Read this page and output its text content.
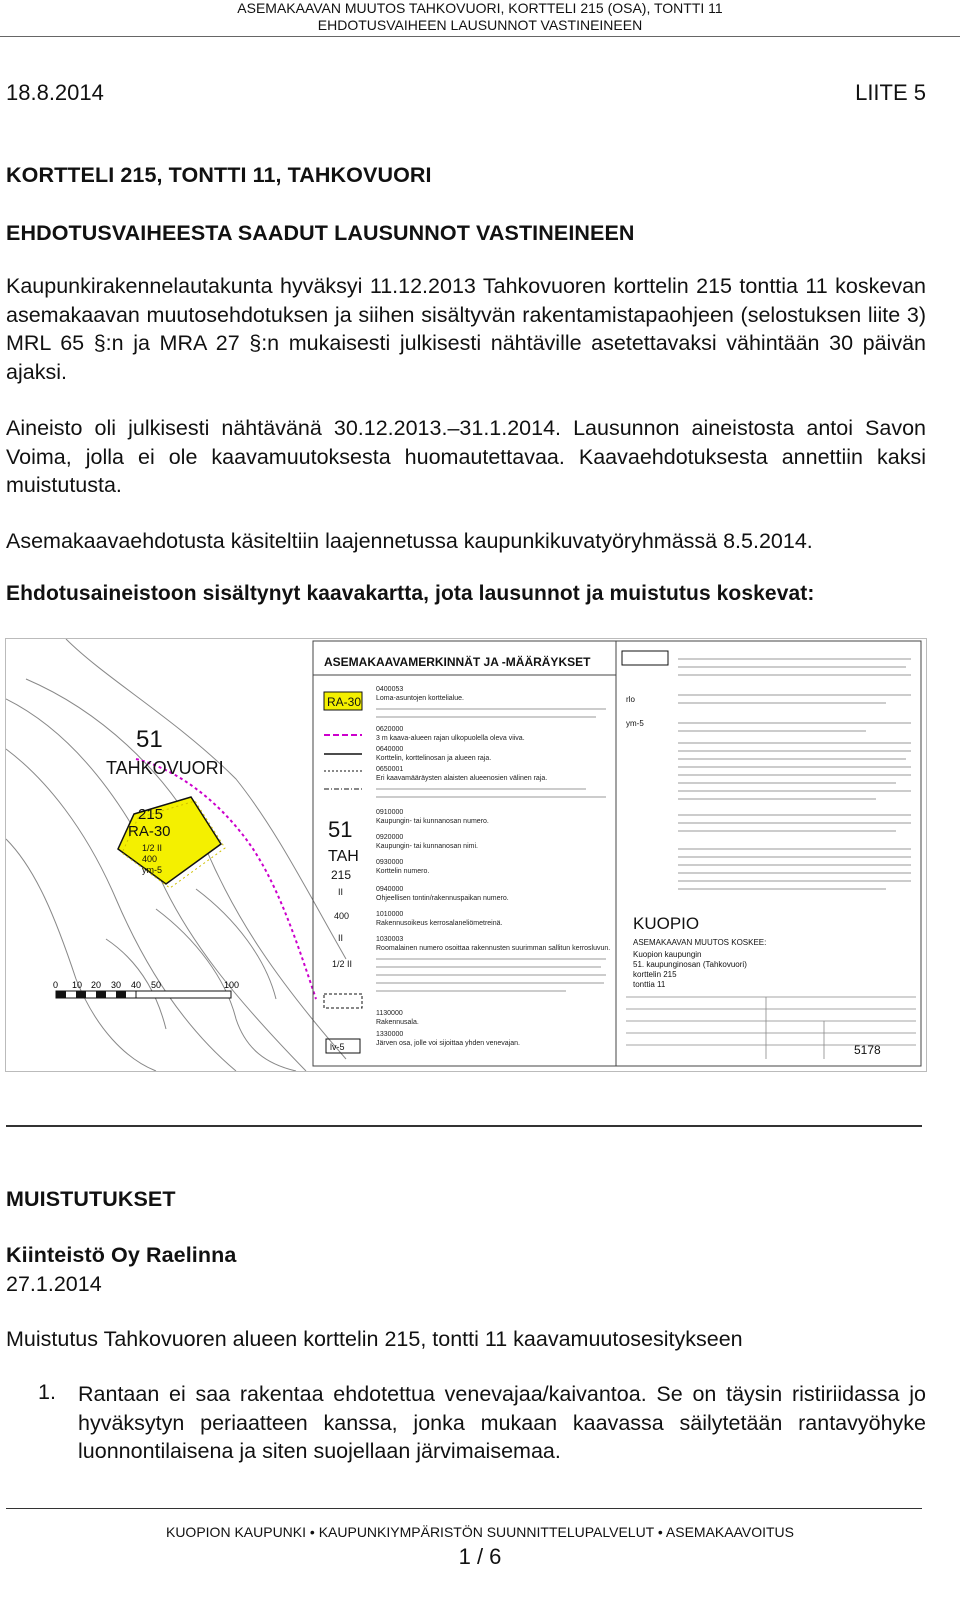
ASEMAKAAVAN MUUTOS TAHKOVUORI, KORTTELI 215 (OSA), TONTTI 11
EHDOTUSVAIHEEN LAUSUNNOT VASTINEINEEN
18.8.2014	LIITE 5
KORTTELI 215, TONTTI 11, TAHKOVUORI
EHDOTUSVAIHEESTA SAADUT LAUSUNNOT VASTINEINEEN

Kaupunkirakennelautakunta hyväksyi 11.12.2013 Tahkovuoren korttelin 215 tonttia 11 koskevan asemakaavan muutosehdotuksen ja siihen sisältyvän rakentamistapaohjeen (selostuksen liite 3) MRL 65 §:n ja MRA 27 §:n mukaisesti julkisesti nähtäville asetettavaksi vähintään 30 päivän ajaksi.

Aineisto oli julkisesti nähtävänä 30.12.2013.–31.1.2014. Lausunnon aineistosta antoi Savon Voima, jolla ei ole kaavamuutoksesta huomautettavaa. Kaavaehdotuksesta annettiin kaksi muistutusta.

Asemakaavaehdotusta käsiteltiin laajennetussa kaupunkikuvatyöryhmässä 8.5.2014.

Ehdotusaineistoon sisältynyt kaavakartta, jota lausunnot ja muistutus koskevat:
51
TAHKOVUORI
215
RA-30
1/2 II
400
ym-5
0 10 20 30 40 50	100
ASEMAKAAVAMERKINNÄT JA -MÄÄRÄYKSET
RA-30
51
TAH
215
II
400
II
1/2 II
lv-5
0400053
Loma-asuntojen korttelialue.
0620000
3 m kaava-alueen rajan ulkopuolella oleva viiva.
0640000
Korttelin, korttelinosan ja alueen raja.
0650001
Eri kaavamääräysten alaisten alueenosien välinen raja.
0910000
Kaupungin- tai kunnanosan numero.
0920000
Kaupungin- tai kunnanosan nimi.
0930000
Korttelin numero.
0940000
Ohjeellisen tontin/rakennuspaikan numero.
1010000
Rakennusoikeus kerrosalaneliömetreinä.
1030003
Roomalainen numero osoittaa rakennusten suurimman sallitun kerrosluvun.
1130000
Rakennusala.
1330000
Järven osa, jolle voi sijoittaa yhden venevajan.
rlo
ym-5
KUOPIO
ASEMAKAAVAN MUUTOS KOSKEE:
Kuopion kaupungin
51. kaupunginosan (Tahkovuori)
korttelin 215
tonttia 11
5178
MUISTUTUKSET
Kiinteistö Oy Raelinna
27.1.2014
Muistutus Tahkovuoren alueen korttelin 215, tontti 11 kaavamuutosesitykseen
1. Rantaan ei saa rakentaa ehdotettua venevajaa/kaivantoa. Se on täysin ristiriidassa jo hyväksytyn periaatteen kanssa, jonka mukaan kaavassa säilytetään rantavyöhyke luonnontilaisena ja siten suojellaan järvimaisemaa.

KUOPION KAUPUNKI • KAUPUNKIYMPÄRISTÖN SUUNNITTELUPALVELUT • ASEMAKAAVOITUS
1 / 6
